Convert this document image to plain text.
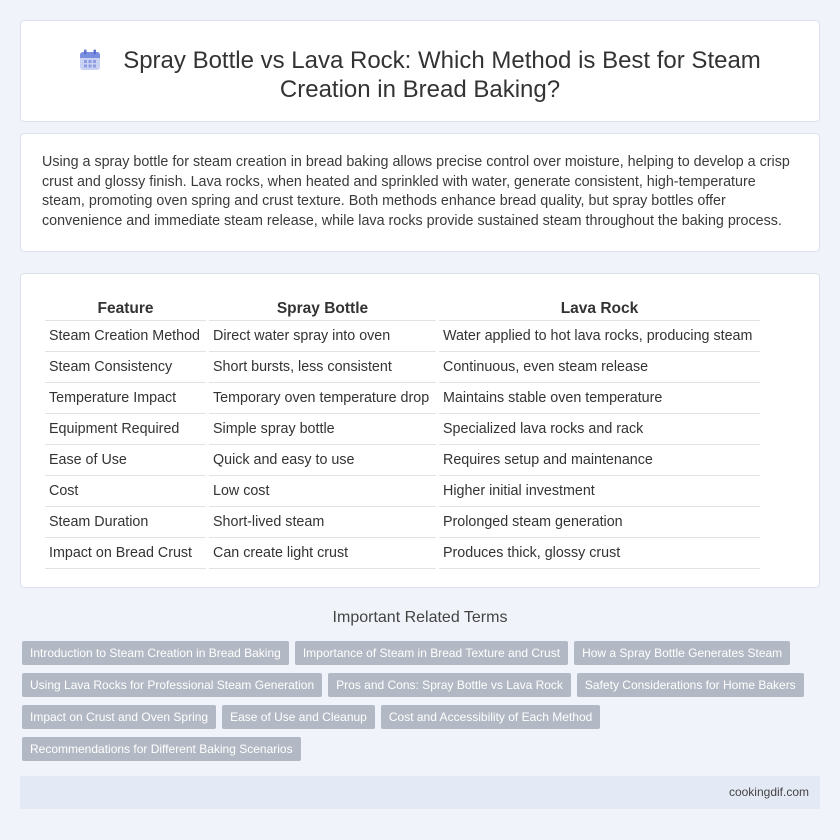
Spray Bottle vs Lava Rock: Which Method is Best for Steam
Creation in Bread Baking?

Using a spray bottle for steam creation in bread baking allows precise control over moisture, helping to develop a crisp crust and glossy finish. Lava rocks, when heated and sprinkled with water, generate consistent, high-temperature steam, promoting oven spring and crust texture. Both methods enhance bread quality, but spray bottles offer convenience and immediate steam release, while lava rocks provide sustained steam throughout the baking process.

Feature	Spray Bottle	Lava Rock
Steam Creation Method	Direct water spray into oven	Water applied to hot lava rocks, producing steam
Steam Consistency	Short bursts, less consistent	Continuous, even steam release
Temperature Impact	Temporary oven temperature drop	Maintains stable oven temperature
Equipment Required	Simple spray bottle	Specialized lava rocks and rack
Ease of Use	Quick and easy to use	Requires setup and maintenance
Cost	Low cost	Higher initial investment
Steam Duration	Short-lived steam	Prolonged steam generation
Impact on Bread Crust	Can create light crust	Produces thick, glossy crust
Important Related Terms
Introduction to Steam Creation in Bread Baking	Importance of Steam in Bread Texture and Crust	How a Spray Bottle Generates Steam
Using Lava Rocks for Professional Steam Generation	Pros and Cons: Spray Bottle vs Lava Rock	Safety Considerations for Home Bakers
Impact on Crust and Oven Spring	Ease of Use and Cleanup	Cost and Accessibility of Each Method
Recommendations for Different Baking Scenarios
cookingdif.com
